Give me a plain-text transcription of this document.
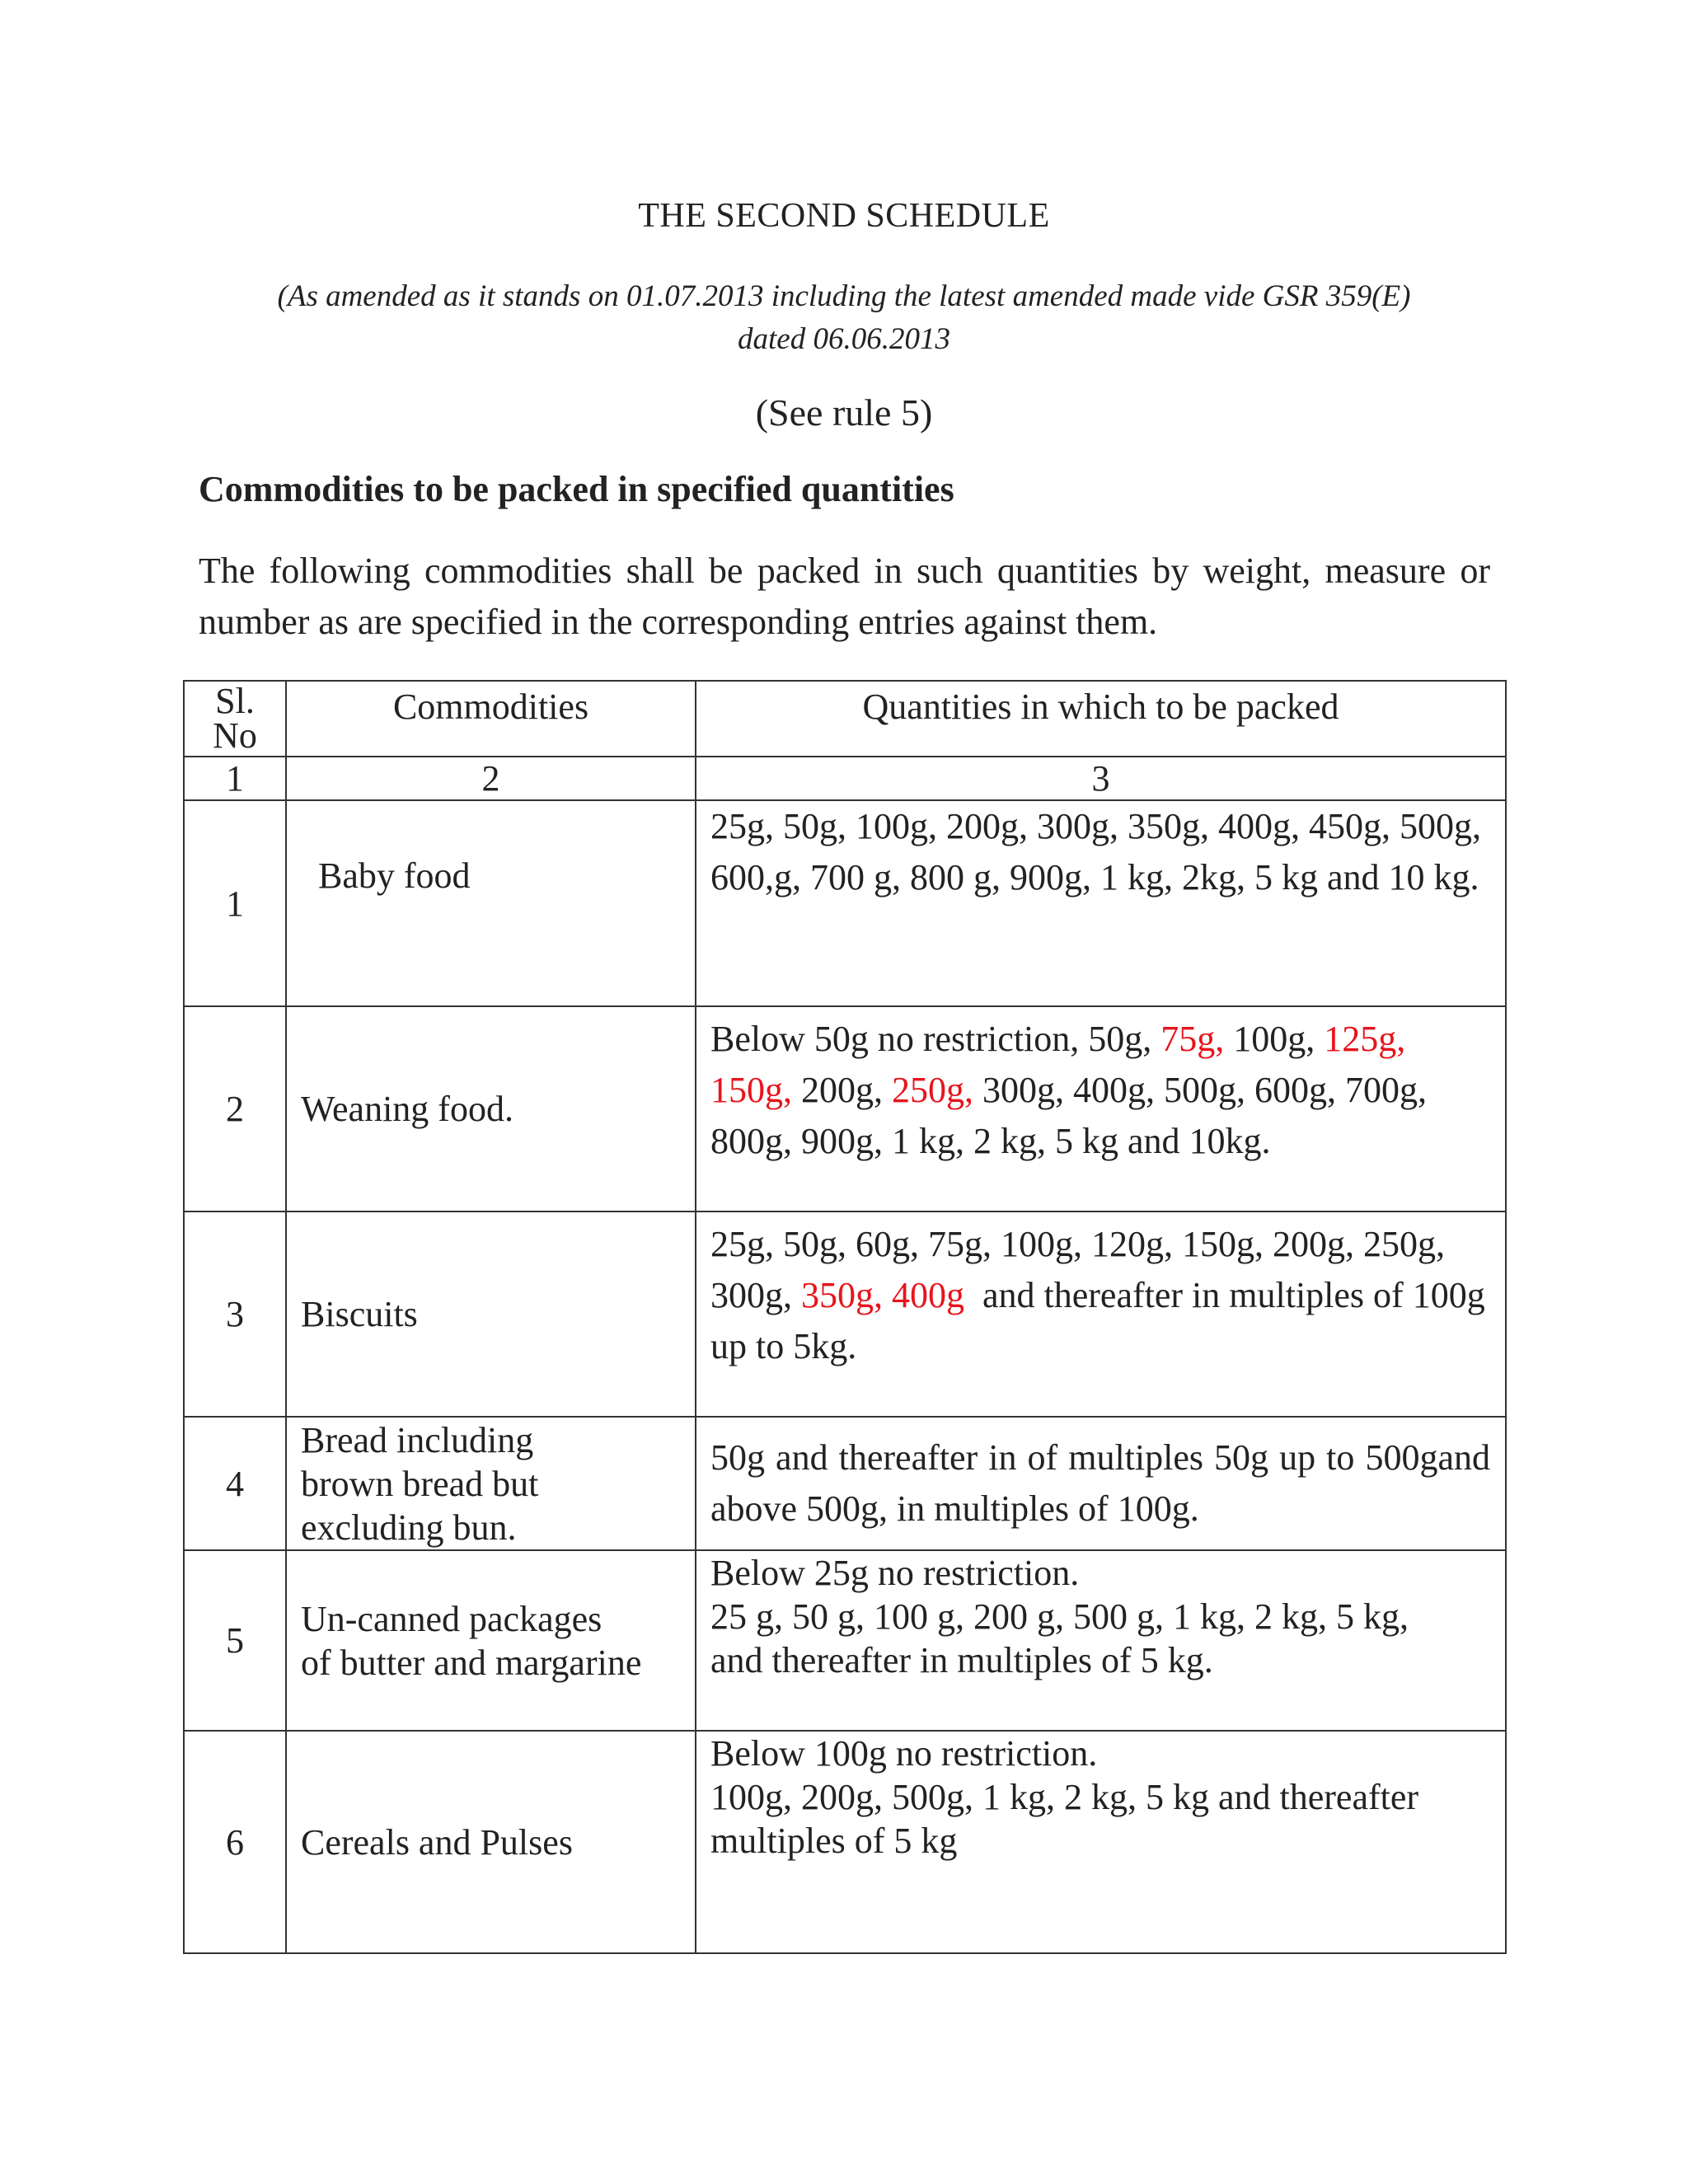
THE SECOND SCHEDULE
(As amended as it stands on 01.07.2013 including the latest amended made vide GSR 359(E)
dated 06.06.2013
(See rule 5)
Commodities to be packed in specified quantities
The following commodities shall be packed in such quantities by weight, measure or number as are specified in the corresponding entries against them.
Sl.
No	Commodities	Quantities in which to be packed
1	2	3
1	Baby food	25g, 50g, 100g, 200g, 300g, 350g, 400g, 450g, 500g, 600,g, 700 g, 800 g, 900g, 1 kg, 2kg, 5 kg and 10 kg.
2	Weaning food.	Below 50g no restriction, 50g, 75g, 100g, 125g, 150g, 200g, 250g, 300g, 400g, 500g, 600g, 700g, 800g, 900g, 1 kg, 2 kg, 5 kg and 10kg.
3	Biscuits	25g, 50g, 60g, 75g, 100g, 120g, 150g, 200g, 250g, 300g, 350g, 400g  and thereafter in multiples of 100g up to 5kg.
4	Bread including
brown bread but
excluding bun.	50g and thereafter in of multiples 50g up to 500gand above 500g, in multiples of 100g.
5	Un-canned packages
of butter and margarine	Below 25g no restriction.
25 g, 50 g, 100 g, 200 g, 500 g, 1 kg, 2 kg, 5 kg,
and thereafter in multiples of 5 kg.

6	Cereals and Pulses	Below 100g no restriction.
100g, 200g, 500g, 1 kg, 2 kg, 5 kg and thereafter
multiples of 5 kg
